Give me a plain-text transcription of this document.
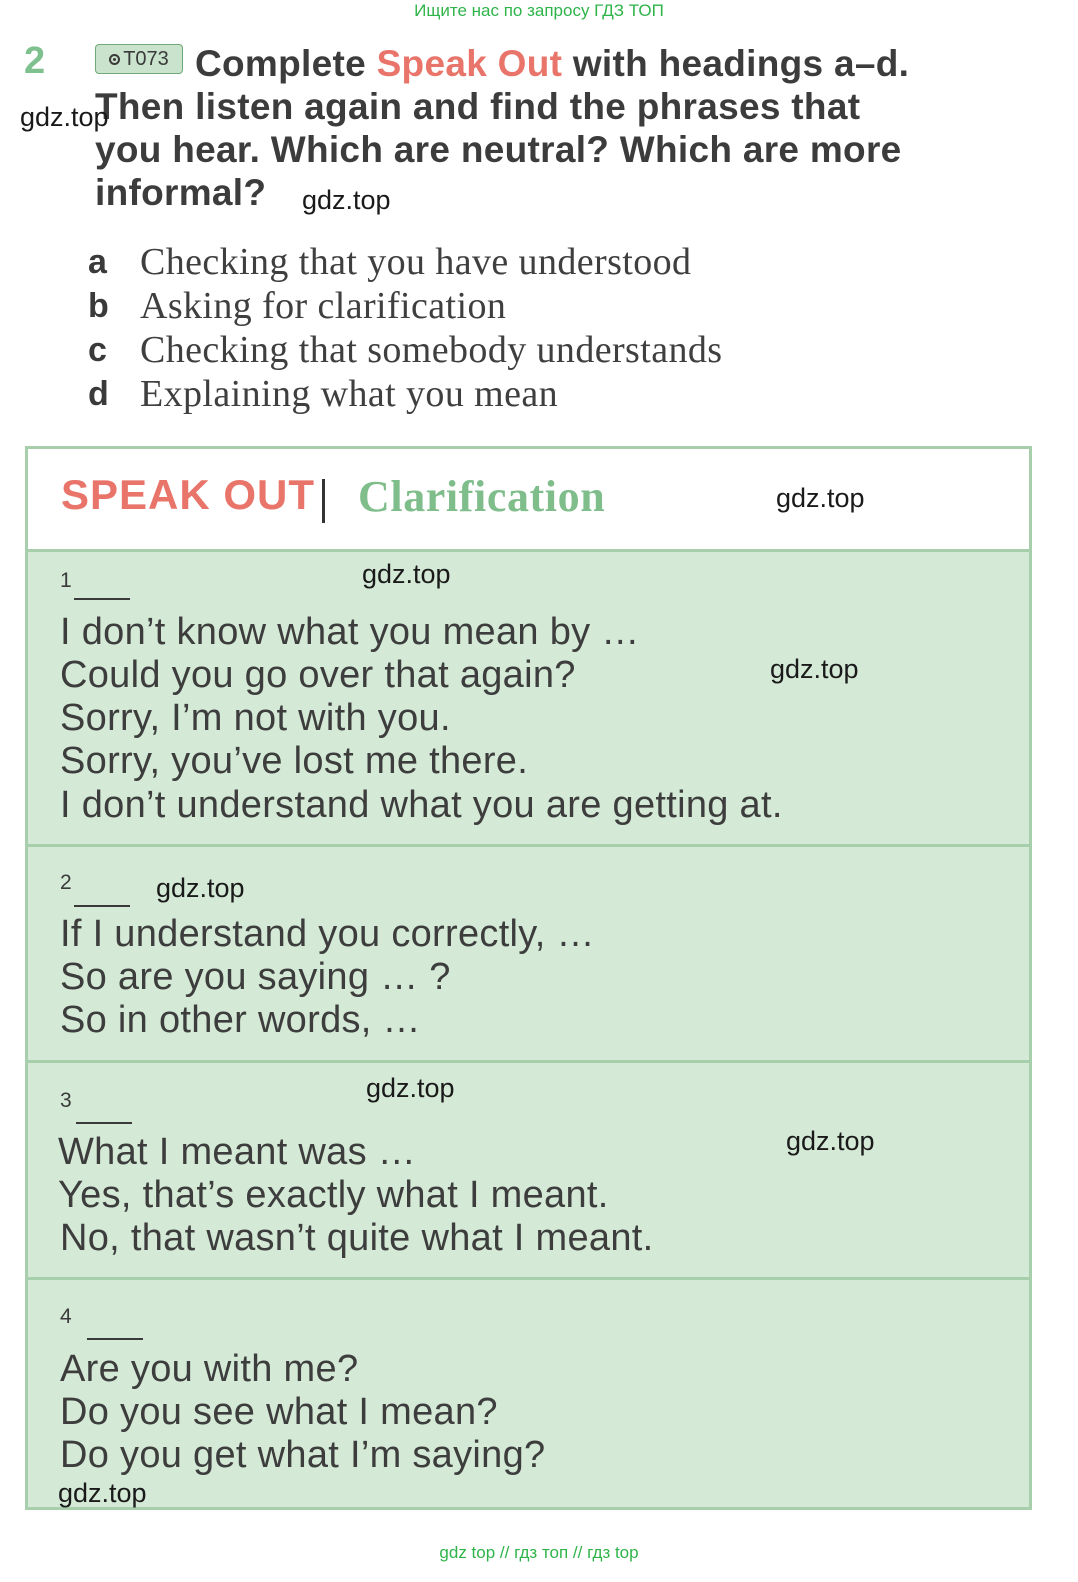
Ищите нас по запросу ГДЗ ТОП
2	T073 Complete Speak Out with headings a–d.
Then listen again and find the phrases that
you hear. Which are neutral? Which are more
informal?
gdz.top
gdz.top
a Checking that you have understood
b Asking for clarification
c Checking that somebody understands
d Explaining what you mean
SPEAK OUT Clarification	gdz.top
1	gdz.top
gdz.top
I don’t know what you mean by …
Could you go over that again?
Sorry, I’m not with you.
Sorry, you’ve lost me there.
I don’t understand what you are getting at.
2	gdz.top
If I understand you correctly, …
So are you saying … ?
So in other words, …
3	gdz.top
gdz.top
What I meant was …
Yes, that’s exactly what I meant.
No, that wasn’t quite what I meant.
4
Are you with me?
Do you see what I mean?
Do you get what I’m saying?
gdz.top
gdz top // гдз топ // гдз top
